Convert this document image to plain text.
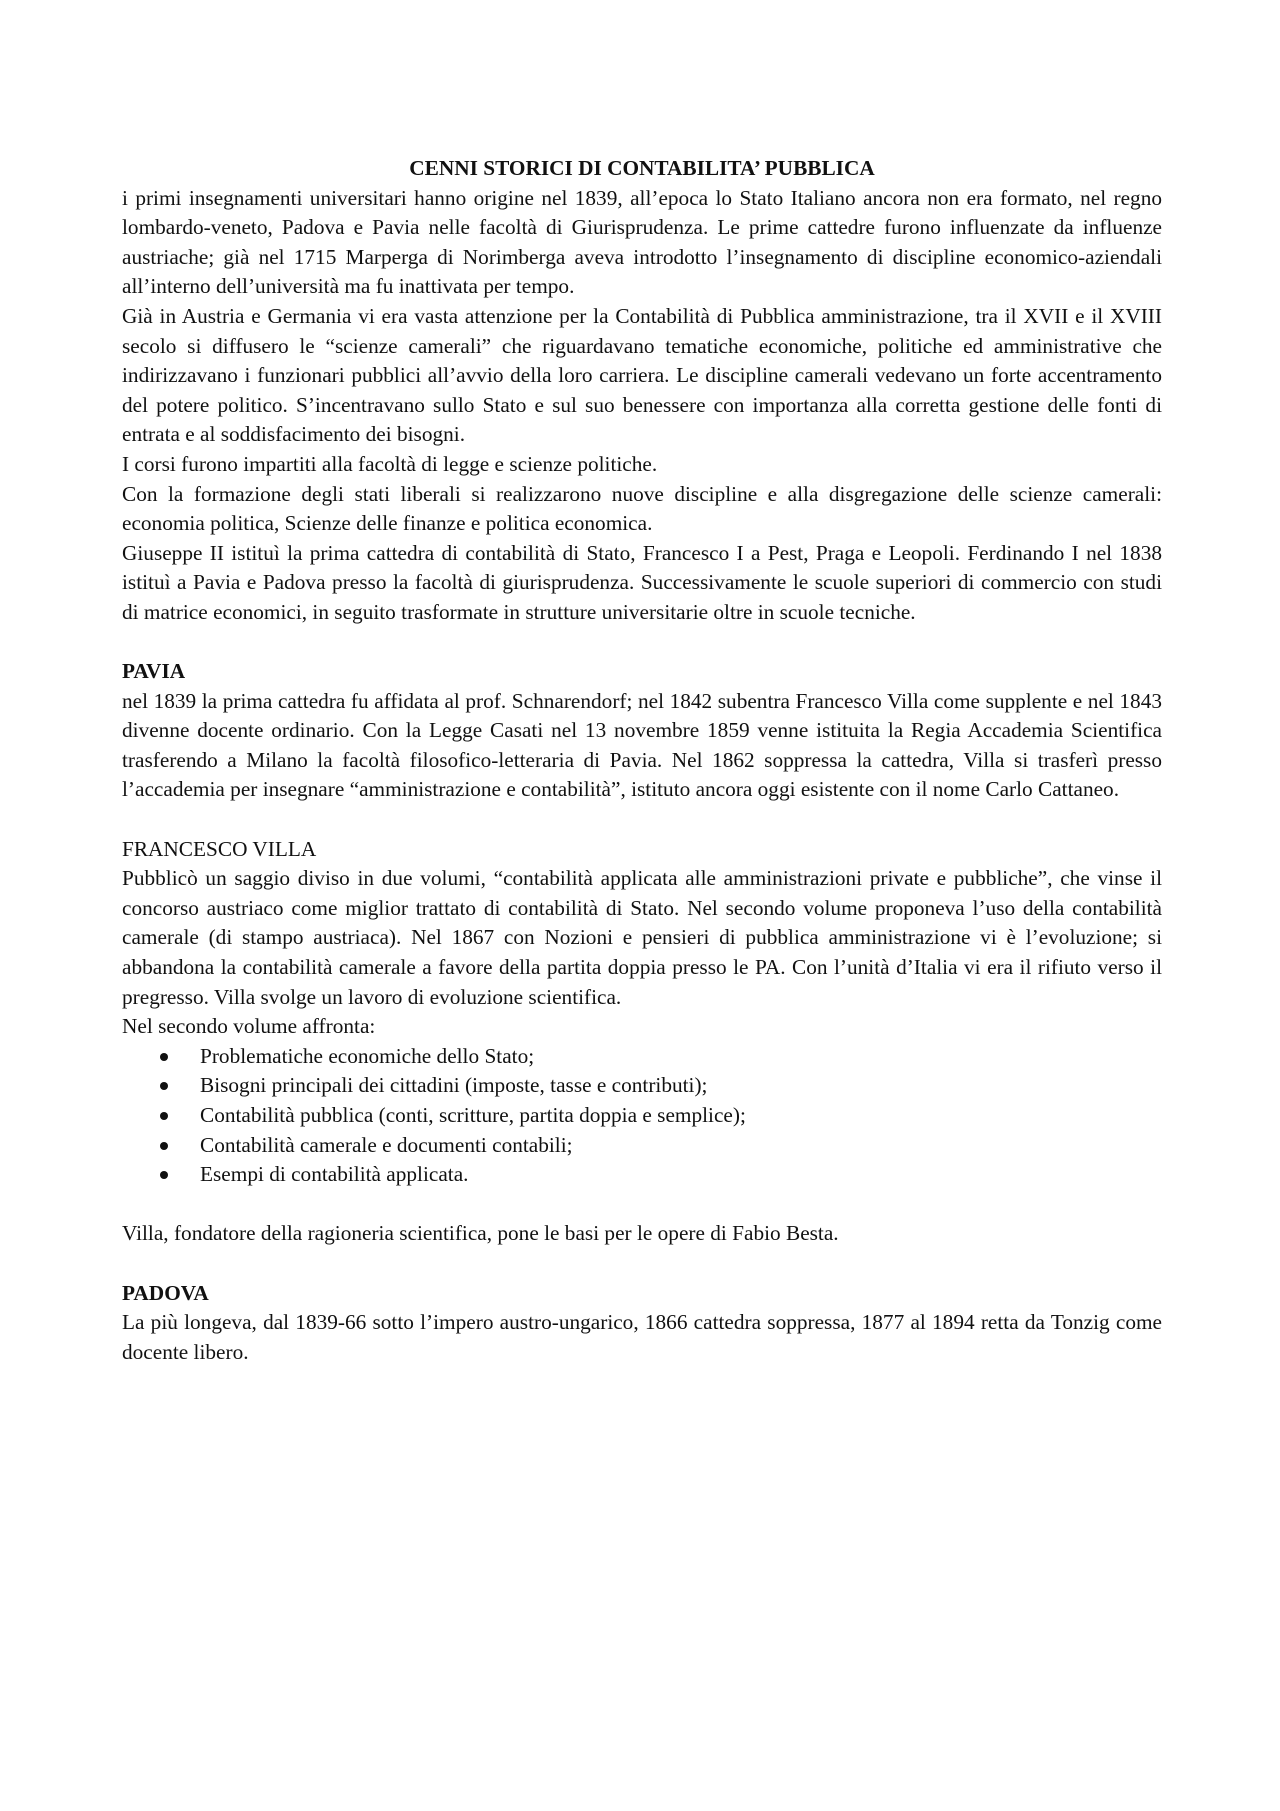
CENNI STORICI DI CONTABILITA’ PUBBLICA

i primi insegnamenti universitari hanno origine nel 1839, all’epoca lo Stato Italiano ancora non era formato, nel regno lombardo-veneto, Padova e Pavia nelle facoltà di Giurisprudenza. Le prime cattedre furono influenzate da influenze austriache; già nel 1715 Marperga di Norimberga aveva introdotto l’insegnamento di discipline economico-aziendali all’interno dell’università ma fu inattivata per tempo.

Già in Austria e Germania vi era vasta attenzione per la Contabilità di Pubblica amministrazione, tra il XVII e il XVIII secolo si diffusero le “scienze camerali” che riguardavano tematiche economiche, politiche ed amministrative che indirizzavano i funzionari pubblici all’avvio della loro carriera. Le discipline camerali vedevano un forte accentramento del potere politico. S’incentravano sullo Stato e sul suo benessere con importanza alla corretta gestione delle fonti di entrata e al soddisfacimento dei bisogni.

I corsi furono impartiti alla facoltà di legge e scienze politiche.

Con la formazione degli stati liberali si realizzarono nuove discipline e alla disgregazione delle scienze camerali: economia politica, Scienze delle finanze e politica economica.

Giuseppe II istituì la prima cattedra di contabilità di Stato, Francesco I a Pest, Praga e Leopoli. Ferdinando I nel 1838 istituì a Pavia e Padova presso la facoltà di giurisprudenza. Successivamente le scuole superiori di commercio con studi di matrice economici, in seguito trasformate in strutture universitarie oltre in scuole tecniche.

PAVIA

nel 1839 la prima cattedra fu affidata al prof. Schnarendorf; nel 1842 subentra Francesco Villa come supplente e nel 1843 divenne docente ordinario. Con la Legge Casati nel 13 novembre 1859 venne istituita la Regia Accademia Scientifica trasferendo a Milano la facoltà filosofico-letteraria di Pavia. Nel 1862 soppressa la cattedra, Villa si trasferì presso l’accademia per insegnare “amministrazione e contabilità”, istituto ancora oggi esistente con il nome Carlo Cattaneo.

FRANCESCO VILLA

Pubblicò un saggio diviso in due volumi, “contabilità applicata alle amministrazioni private e pubbliche”, che vinse il concorso austriaco come miglior trattato di contabilità di Stato. Nel secondo volume proponeva l’uso della contabilità camerale (di stampo austriaca). Nel 1867 con Nozioni e pensieri di pubblica amministrazione vi è l’evoluzione; si abbandona la contabilità camerale a favore della partita doppia presso le PA. Con l’unità d’Italia vi era il rifiuto verso il pregresso. Villa svolge un lavoro di evoluzione scientifica.

Nel secondo volume affronta:

Problematiche economiche dello Stato;
Bisogni principali dei cittadini (imposte, tasse e contributi);
Contabilità pubblica (conti, scritture, partita doppia e semplice);
Contabilità camerale e documenti contabili;
Esempi di contabilità applicata.

Villa, fondatore della ragioneria scientifica, pone le basi per le opere di Fabio Besta.

PADOVA

La più longeva, dal 1839-66 sotto l’impero austro-ungarico, 1866 cattedra soppressa, 1877 al 1894 retta da Tonzig come docente libero.
